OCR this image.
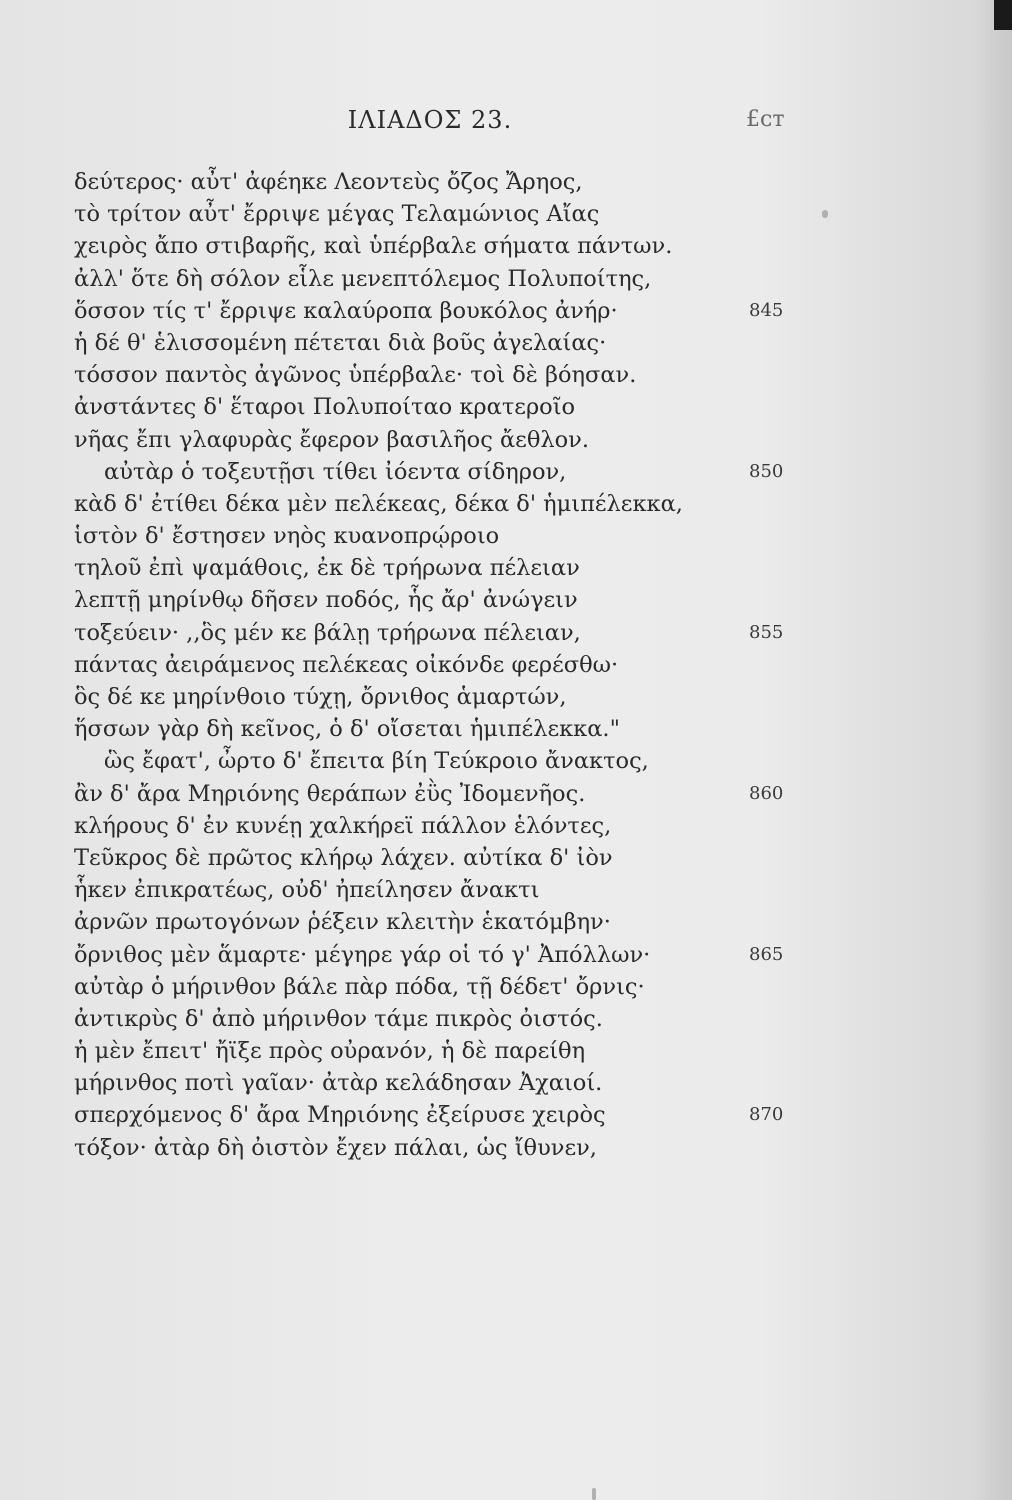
ΙΛΙΑΔΟΣ 23.	£ᴄᴛ
δεύτερος· αὖτ' ἀφέηκε Λεοντεὺς ὄζος Ἄρηος,
τὸ τρίτον αὖτ' ἔρριψε μέγας Τελαμώνιος Αἴας
χειρὸς ἄπο στιβαρῆς, καὶ ὑπέρβαλε σήματα πάντων.
ἀλλ' ὅτε δὴ σόλον εἷλε μενεπτόλεμος Πολυποίτης,
ὅσσον τίς τ' ἔρριψε καλαύροπα βουκόλος ἀνήρ·	845
ἡ δέ θ' ἑλισσομένη πέτεται διὰ βοῦς ἀγελαίας·
τόσσον παντὸς ἀγῶνος ὑπέρβαλε· τοὶ δὲ βόησαν.
ἀνστάντες δ' ἕταροι Πολυποίταο κρατεροῖο
νῆας ἔπι γλαφυρὰς ἔφερον βασιλῆος ἄεθλον.
αὐτὰρ ὁ τοξευτῇσι τίθει ἰόεντα σίδηρον,	850
κὰδ δ' ἐτίθει δέκα μὲν πελέκεας, δέκα δ' ἡμιπέλεκκα,
ἱστὸν δ' ἔστησεν νηὸς κυανοπρῴροιο
τηλοῦ ἐπὶ ψαμάθοις, ἐκ δὲ τρήρωνα πέλειαν
λεπτῇ μηρίνθῳ δῆσεν ποδός, ἧς ἄρ' ἀνώγειν
τοξεύειν· ,,ὃς μέν κε βάλῃ τρήρωνα πέλειαν,	855
πάντας ἀειράμενος πελέκεας οἰκόνδε φερέσθω·
ὃς δέ κε μηρίνθοιο τύχῃ, ὄρνιθος ἁμαρτών,
ἥσσων γὰρ δὴ κεῖνος, ὁ δ' οἴσεται ἡμιπέλεκκα."
ὣς ἔφατ', ὦρτο δ' ἔπειτα βίη Τεύκροιο ἄνακτος,
ἂν δ' ἄρα Μηριόνης θεράπων ἐῢς Ἰδομενῆος.	860
κλήρους δ' ἐν κυνέῃ χαλκήρεϊ πάλλον ἑλόντες,
Τεῦκρος δὲ πρῶτος κλήρῳ λάχεν. αὐτίκα δ' ἰὸν
ἧκεν ἐπικρατέως, οὐδ' ἠπείλησεν ἄνακτι
ἀρνῶν πρωτογόνων ῥέξειν κλειτὴν ἑκατόμβην·
ὄρνιθος μὲν ἅμαρτε· μέγηρε γάρ οἱ τό γ' Ἀπόλλων·	865
αὐτὰρ ὁ μήρινθον βάλε πὰρ πόδα, τῇ δέδετ' ὄρνις·
ἀντικρὺς δ' ἀπὸ μήρινθον τάμε πικρὸς ὀιστός.
ἡ μὲν ἔπειτ' ἤϊξε πρὸς οὐρανόν, ἡ δὲ παρείθη
μήρινθος ποτὶ γαῖαν· ἀτὰρ κελάδησαν Ἀχαιοί.
σπερχόμενος δ' ἄρα Μηριόνης ἐξείρυσε χειρὸς	870
τόξον· ἀτὰρ δὴ ὀιστὸν ἔχεν πάλαι, ὡς ἴθυνεν,
